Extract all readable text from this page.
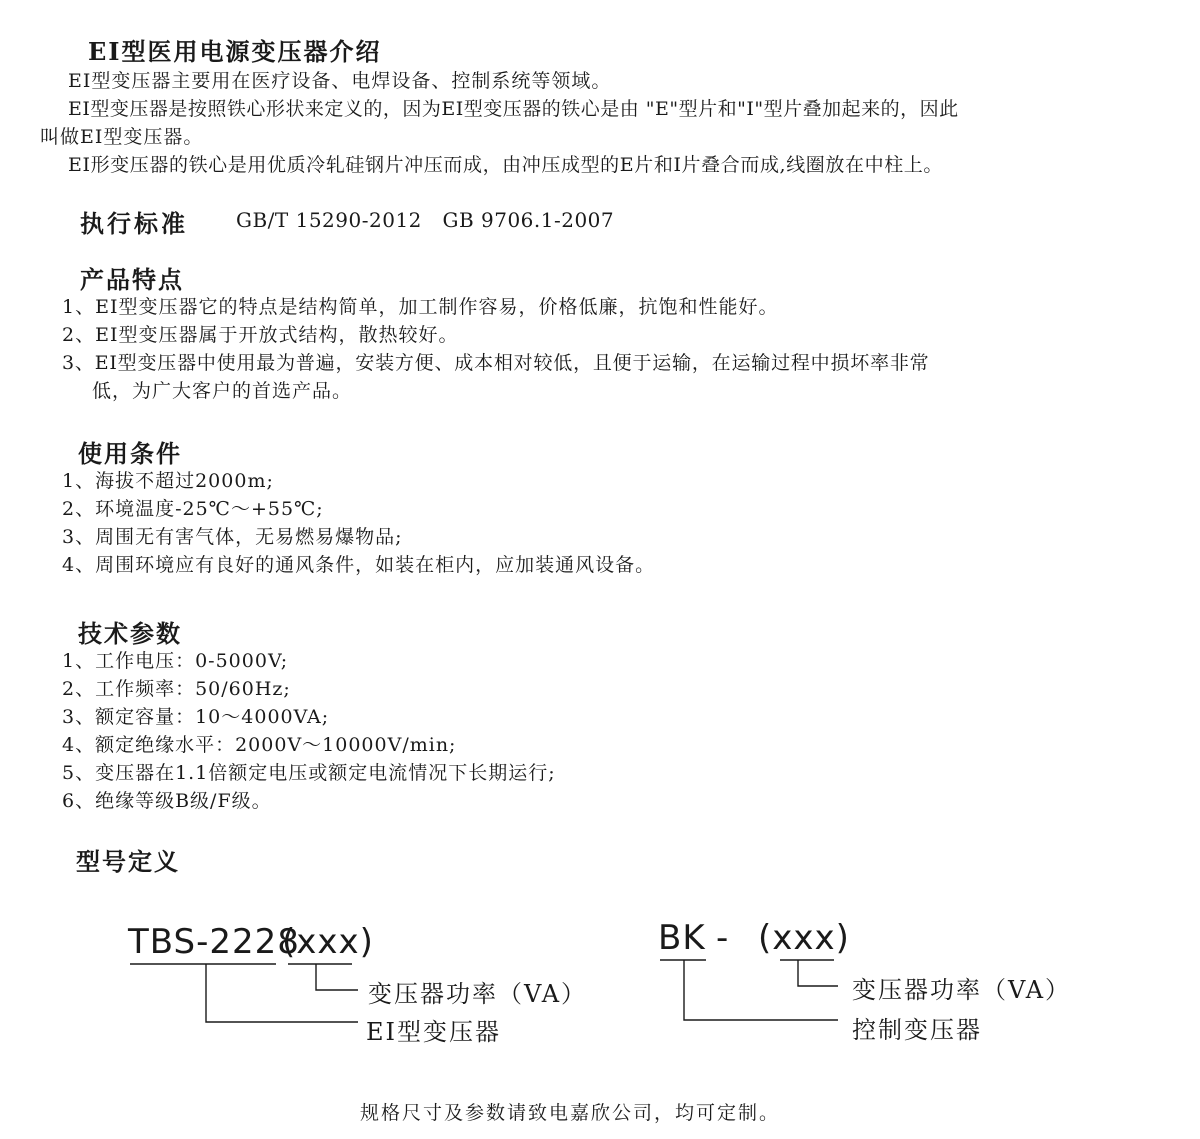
EI型医用电源变压器介绍
EI型变压器主要用在医疗设备、电焊设备、控制系统等领域。
EI型变压器是按照铁心形状来定义的，因为EI型变压器的铁心是由 "E"型片和"I"型片叠加起来的，因此
叫做EI型变压器。
EI形变压器的铁心是用优质冷轧硅钢片冲压而成，由冲压成型的E片和I片叠合而成,线圈放在中柱上。
执行标准 GB/T 15290-2012   GB 9706.1-2007
产品特点
1、EI型变压器它的特点是结构简单，加工制作容易，价格低廉，抗饱和性能好。
2、EI型变压器属于开放式结构，散热较好。
3、EI型变压器中使用最为普遍，安装方便、成本相对较低，且便于运输，在运输过程中损坏率非常
低，为广大客户的首选产品。
使用条件
1、海拔不超过2000m;
2、环境温度-25℃～+55℃;
3、周围无有害气体，无易燃易爆物品;
4、周围环境应有良好的通风条件，如装在柜内，应加装通风设备。
技术参数
1、工作电压：0-5000V;
2、工作频率：50/60Hz;
3、额定容量：10～4000VA;
4、额定绝缘水平：2000V～10000V/min;
5、变压器在1.1倍额定电压或额定电流情况下长期运行;
6、绝缘等级B级/F级。
型号定义
TBS-2228
(xxx)
变压器功率（VA）
EI型变压器
BK - (xxx)
变压器功率（VA）
控制变压器
规格尺寸及参数请致电嘉欣公司，均可定制。
